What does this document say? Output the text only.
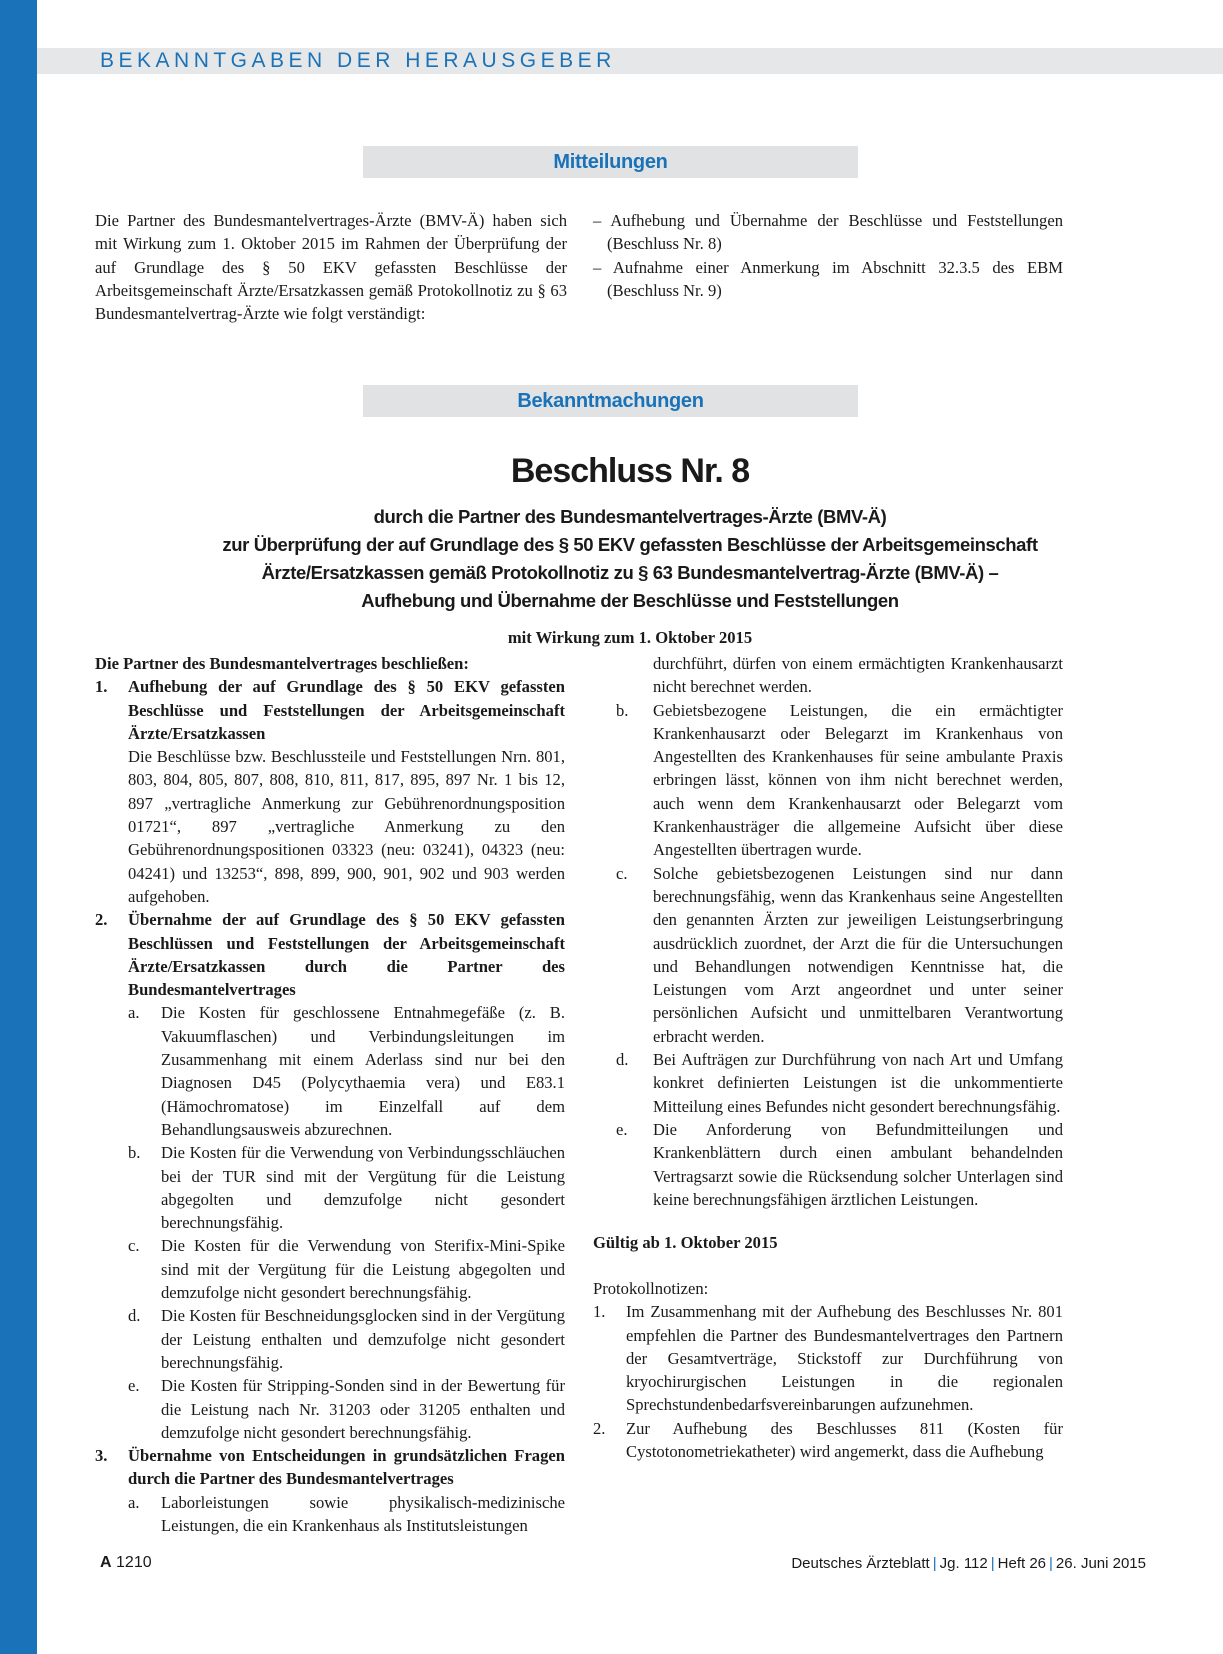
BEKANNTGABEN DER HERAUSGEBER
Mitteilungen
Die Partner des Bundesmantelvertrages-Ärzte (BMV-Ä) haben sich mit Wirkung zum 1. Oktober 2015 im Rahmen der Überprüfung der auf Grundlage des § 50 EKV gefassten Beschlüsse der Arbeitsgemeinschaft Ärzte/Ersatzkassen gemäß Protokollnotiz zu § 63 Bundesmantelvertrag-Ärzte wie folgt verständigt:
– Aufhebung und Übernahme der Beschlüsse und Feststellungen (Beschluss Nr. 8)
– Aufnahme einer Anmerkung im Abschnitt 32.3.5 des EBM (Beschluss Nr. 9)
Bekanntmachungen
Beschluss Nr. 8
durch die Partner des Bundesmantelvertrages-Ärzte (BMV-Ä)
zur Überprüfung der auf Grundlage des § 50 EKV gefassten Beschlüsse der Arbeitsgemeinschaft
Ärzte/Ersatzkassen gemäß Protokollnotiz zu § 63 Bundesmantelvertrag-Ärzte (BMV-Ä) –
Aufhebung und Übernahme der Beschlüsse und Feststellungen
mit Wirkung zum 1. Oktober 2015
Die Partner des Bundesmantelvertrages beschließen:
1. Aufhebung der auf Grundlage des § 50 EKV gefassten Beschlüsse und Feststellungen der Arbeitsgemeinschaft Ärzte/Ersatzkassen
Die Beschlüsse bzw. Beschlussteile und Feststellungen Nrn. 801, 803, 804, 805, 807, 808, 810, 811, 817, 895, 897 Nr. 1 bis 12, 897 „vertragliche Anmerkung zur Gebührenordnungsposition 01721“, 897 „vertragliche Anmerkung zu den Gebührenordnungspositionen 03323 (neu: 03241), 04323 (neu: 04241) und 13253“, 898, 899, 900, 901, 902 und 903 werden aufgehoben.
2. Übernahme der auf Grundlage des § 50 EKV gefassten Beschlüssen und Feststellungen der Arbeitsgemeinschaft Ärzte/Ersatzkassen durch die Partner des Bundesmantelvertrages
a. Die Kosten für geschlossene Entnahmegefäße (z. B. Vakuumflaschen) und Verbindungsleitungen im Zusammenhang mit einem Aderlass sind nur bei den Diagnosen D45 (Polycythaemia vera) und E83.1 (Hämochromatose) im Einzelfall auf dem Behandlungsausweis abzurechnen.
b. Die Kosten für die Verwendung von Verbindungsschläuchen bei der TUR sind mit der Vergütung für die Leistung abgegolten und demzufolge nicht gesondert berechnungsfähig.
c. Die Kosten für die Verwendung von Sterifix-Mini-Spike sind mit der Vergütung für die Leistung abgegolten und demzufolge nicht gesondert berechnungsfähig.
d. Die Kosten für Beschneidungsglocken sind in der Vergütung der Leistung enthalten und demzufolge nicht gesondert berechnungsfähig.
e. Die Kosten für Stripping-Sonden sind in der Bewertung für die Leistung nach Nr. 31203 oder 31205 enthalten und demzufolge nicht gesondert berechnungsfähig.
3. Übernahme von Entscheidungen in grundsätzlichen Fragen durch die Partner des Bundesmantelvertrages
a. Laborleistungen sowie physikalisch-medizinische Leistungen, die ein Krankenhaus als Institutsleistungen
durchführt, dürfen von einem ermächtigten Krankenhausarzt nicht berechnet werden.
b. Gebietsbezogene Leistungen, die ein ermächtigter Krankenhausarzt oder Belegarzt im Krankenhaus von Angestellten des Krankenhauses für seine ambulante Praxis erbringen lässt, können von ihm nicht berechnet werden, auch wenn dem Krankenhausarzt oder Belegarzt vom Krankenhausträger die allgemeine Aufsicht über diese Angestellten übertragen wurde.
c. Solche gebietsbezogenen Leistungen sind nur dann berechnungsfähig, wenn das Krankenhaus seine Angestellten den genannten Ärzten zur jeweiligen Leistungserbringung ausdrücklich zuordnet, der Arzt die für die Untersuchungen und Behandlungen notwendigen Kenntnisse hat, die Leistungen vom Arzt angeordnet und unter seiner persönlichen Aufsicht und unmittelbaren Verantwortung erbracht werden.
d. Bei Aufträgen zur Durchführung von nach Art und Umfang konkret definierten Leistungen ist die unkommentierte Mitteilung eines Befundes nicht gesondert berechnungsfähig.
e. Die Anforderung von Befundmitteilungen und Krankenblättern durch einen ambulant behandelnden Vertragsarzt sowie die Rücksendung solcher Unterlagen sind keine berechnungsfähigen ärztlichen Leistungen.
Gültig ab 1. Oktober 2015
Protokollnotizen:
1. Im Zusammenhang mit der Aufhebung des Beschlusses Nr. 801 empfehlen die Partner des Bundesmantelvertrages den Partnern der Gesamtverträge, Stickstoff zur Durchführung von kryochirurgischen Leistungen in die regionalen Sprechstundenbedarfsvereinbarungen aufzunehmen.
2. Zur Aufhebung des Beschlusses 811 (Kosten für Cystotonometriekatheter) wird angemerkt, dass die Aufhebung
A 1210	Deutsches Ärzteblatt | Jg. 112 | Heft 26 | 26. Juni 2015
